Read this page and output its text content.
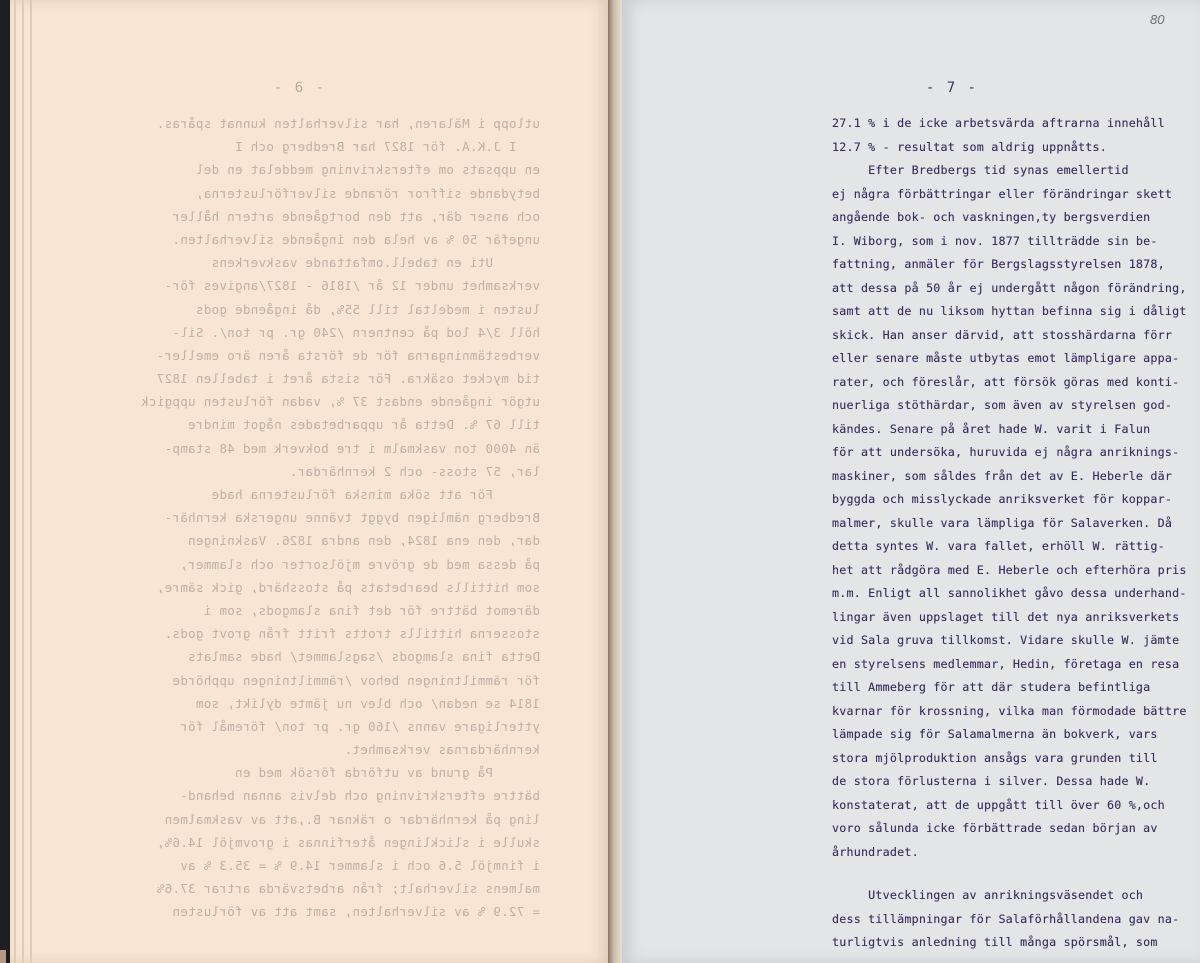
- 6 -
utlopp i Mälaren, har silverhalten kunnat spåras.
I J.K.A. för 1827 har Bredberg och I
en uppsats om efterskrivning meddelat en del
betydande siffror rörande silverförlusterna,
och anser där, att den bortgående artern håller
ungefär 50 % av hela den ingående silverhalten.
Uti en tabell.omfattande vaskverkens
verksamhet under 12 år /1816 - 1827/angives för-
lusten i medeltal till 55%, då ingående gods
höll 3/4 lod på centnern /240 gr. pr ton/. Sil-
verbestämningarna för de första åren äro emeller-
tid mycket osäkra. För sista året i tabellen 1827
utgör ingående endast 37 %, vadan förlusten uppgick
till 67 %. Detta år upparbetades något mindre
än 4000 ton vaskmalm i tre bokverk med 48 stamp-
lar, 57 stoss- och 2 kernhärdar.
För att söka minska förlusterna hade
Bredberg nämligen byggt tvänne ungerska kernhär-
dar, den ena 1824, den andra 1826. Vaskningen
på dessa med de grövre mjölsorter och slammer,
som hittills bearbetats på stosshärd, gick sämre,
däremot bättre för det fina slamgods, som i
stosserna hittills trotts fritt från grovt gods.
Detta fina slamgods /sagslammet/ hade samlats
för rämmiltningen behov /rämmiltningen upphörde
1814 se nedan/ och blev nu jämte dylikt, som
ytterligare vanns /160 gr. pr ton/ föremål för
kernhärdarnas verksamhet.
På grund av utförda försök med en
bättre efterskrivning och delvis annan behand-
ling på kernhärdar o räknar B.,att av vaskmalmen
skulle i slicklingen återfinnas i grovmjöl 14.6%,
i finmjöl 5.6 och i slammer 14.9 % = 35.3 % av
malmens silverhalt; från arbetsvärda artrar 37.6%
= 72.9 % av silverhalten, samt att av förlusten
80
- 7 -
27.1 % i de icke arbetsvärda aftrarna innehåll
12.7 % - resultat som aldrig uppnåtts.
Efter Bredbergs tid synas emellertid
ej några förbättringar eller förändringar skett
angående bok- och vaskningen,ty bergsverdien
I. Wiborg, som i nov. 1877 tillträdde sin be-
fattning, anmäler för Bergslagsstyrelsen 1878,
att dessa på 50 år ej undergått någon förändring,
samt att de nu liksom hyttan befinna sig i dåligt
skick. Han anser därvid, att stosshärdarna förr
eller senare måste utbytas emot lämpligare appa-
rater, och föreslår, att försök göras med konti-
nuerliga stöthärdar, som även av styrelsen god-
kändes. Senare på året hade W. varit i Falun
för att undersöka, huruvida ej några anriknings-
maskiner, som såldes från det av E. Heberle där
byggda och misslyckade anriksverket för koppar-
malmer, skulle vara lämpliga för Salaverken. Då
detta syntes W. vara fallet, erhöll W. rättig-
het att rådgöra med E. Heberle och efterhöra pris
m.m. Enligt all sannolikhet gåvo dessa underhand-
lingar även uppslaget till det nya anriksverkets
vid Sala gruva tillkomst. Vidare skulle W. jämte
en styrelsens medlemmar, Hedin, företaga en resa
till Ammeberg för att där studera befintliga
kvarnar för krossning, vilka man förmodade bättre
lämpade sig för Salamalmerna än bokverk, vars
stora mjölproduktion ansågs vara grunden till
de stora förlusterna i silver. Dessa hade W.
konstaterat, att de uppgått till över 60 %,och
voro sålunda icke förbättrade sedan början av
århundradet.
Utvecklingen av anrikningsväsendet och
dess tillämpningar för Salaförhållandena gav na-
turligtvis anledning till många spörsmål, som
